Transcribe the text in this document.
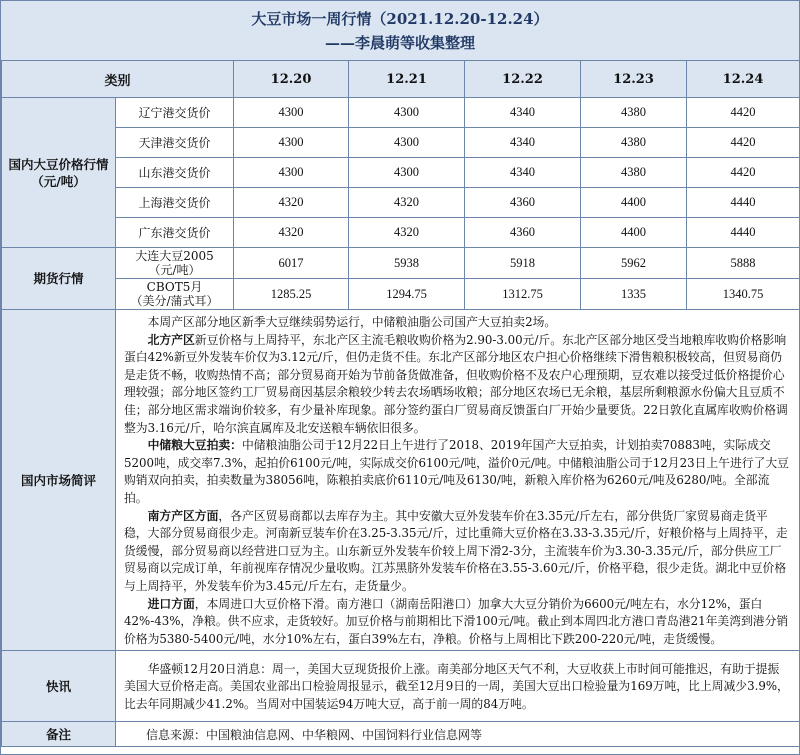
大豆市场一周行情（2021.12.20-12.24）
——李晨萌等收集整理
类别		12.20	12.21	12.22	12.23	12.24
国内大豆价格行情（元/吨）	辽宁港交货价	4300	4300	4340	4380	4420
	天津港交货价	4300	4300	4340	4380	4420
	山东港交货价	4300	4300	4340	4380	4420
	上海港交货价	4320	4320	4360	4400	4440
	广东港交货价	4320	4320	4360	4400	4440
期货行情	大连大豆2005
（元/吨）	6017	5938	5918	5962	5888

	CBOT5月
（美分/蒲式耳）	1285.25	1294.75	1312.75	1335	1340.75
国内市场简评	本周产区部分地区新季大豆继续弱势运行，中储粮油脂公司国产大豆拍卖2场。

北方产区新豆价格与上周持平，东北产区主流毛粮收购价格为2.90-3.00元/斤。东北产区部分地区受当地粮库收购价格影响蛋白42%新豆外发装车价仅为3.12元/斤，但仍走货不佳。东北产区部分地区农户担心价格继续下滑售粮积极较高，但贸易商仍是走货不畅，收购热情不高；部分贸易商开始为节前备货做准备，但收购价格不及农户心理预期，豆农难以接受过低价格提价心理较强；部分地区签约工厂贸易商因基层余粮较少转去农场晒场收粮；部分地区农场已无余粮，基层所剩粮源水份偏大且豆质不佳；部分地区需求端询价较多，有少量补库现象。部分签约蛋白厂贸易商反馈蛋白厂开始少量要货。22日敦化直属库收购价格调整为3.16元/斤，哈尔滨直属库及北安送粮车辆依旧很多。

中储粮大豆拍卖：中储粮油脂公司于12月22日上午进行了2018、2019年国产大豆拍卖，计划拍卖70883吨，实际成交5200吨，成交率7.3%，起拍价6100元/吨，实际成交价6100元/吨，溢价0元/吨。中储粮油脂公司于12月23日上午进行了大豆购销双向拍卖，拍卖数量为38056吨，陈粮拍卖底价6110元/吨及6130/吨，新粮入库价格为6260元/吨及6280/吨。全部流拍。

南方产区方面，各产区贸易商都以去库存为主。其中安徽大豆外发装车价在3.35元/斤左右，部分供货厂家贸易商走货平稳，大部分贸易商很少走。河南新豆装车价在3.25-3.35元/斤，过比重筛大豆价格在3.33-3.35元/斤，好粮价格与上周持平，走货缓慢，部分贸易商以经营进口豆为主。山东新豆外发装车价较上周下滑2-3分，主流装车价为3.30-3.35元/斤，部分供应工厂贸易商以完成订单，年前视库存情况少量收购。江苏黑脐外发装车价格在3.55-3.60元/斤，价格平稳，很少走货。湖北中豆价格与上周持平，外发装车价为3.45元/斤左右，走货量少。

进口方面，本周进口大豆价格下滑。南方港口（湖南岳阳港口）加拿大大豆分销价为6600元/吨左右，水分12%，蛋白42%-43%，净粮。供不应求，走货较好。加豆价格与前期相比下滑100元/吨。截止到本周四北方港口青岛港21年美湾到港分销价格为5380-5400元/吨，水分10%左右，蛋白39%左右，净粮。价格与上周相比下跌200-220元/吨，走货缓慢。					

快讯	华盛顿12月20日消息：周一，美国大豆现货报价上涨。南美部分地区天气不利，大豆收获上市时间可能推迟，有助于提振美国大豆价格走高。美国农业部出口检验周报显示，截至12月9日的一周，美国大豆出口检验量为169万吨，比上周减少3.9%，比去年同期减少41.2%。当周对中国装运94万吨大豆，高于前一周的84万吨。					

备注	信息来源：中国粮油信息网、中华粮网、中国饲料行业信息网等					
